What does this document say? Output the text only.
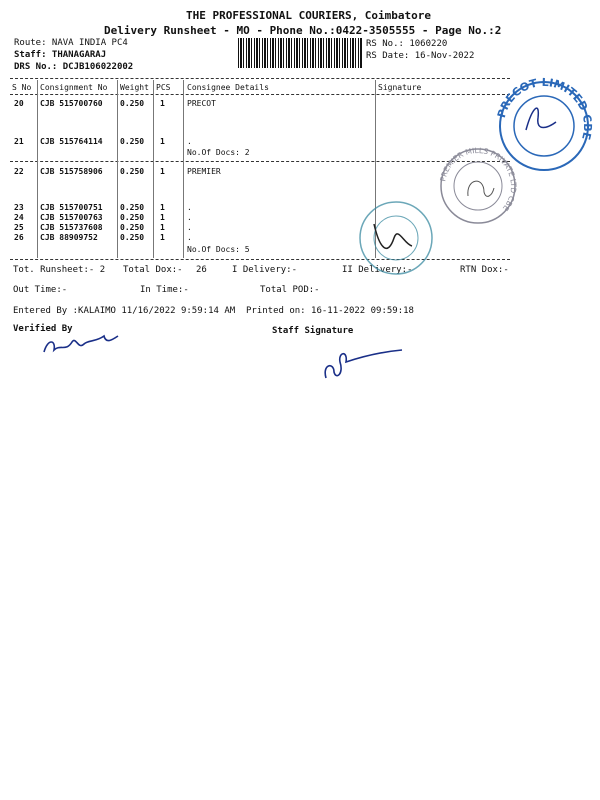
THE PROFESSIONAL COURIERS, Coimbatore
Delivery Runsheet - MO - Phone No.:0422-3505555 - Page No.:2
Route: NAVA INDIA PC4
Staff: THANAGARAJ
DRS No.: DCJB106022002
RS No.: 1060220
RS Date: 16-Nov-2022
S No Consignment No Weight PCS Consignee Details	Signature
20 CJB 515700760 0.250 1	PRECOT
21 CJB 515764114 0.250 1	.
No.Of Docs: 2
22 CJB 515758906 0.250 1	PREMIER
23 CJB 515700751 0.250 1	.
24 CJB 515700763 0.250 1	.
25 CJB 515737608 0.250 1	.
26 CJB 88909752	0.250 1	.
No.Of Docs: 5
Tot. Runsheet:- 2 Total Dox:- 26	I Delivery:-	II Delivery:-	RTN Dox:-
Out Time:-	In Time:-	Total POD:-
Entered By :KALAIMO 11/16/2022 9:59:14 AM Printed on: 16-11-2022 09:59:18
Verified By	Staff Signature
PRECOT LIMITED CBE
PREMIER MILLS PRIVATE LTD CBE
